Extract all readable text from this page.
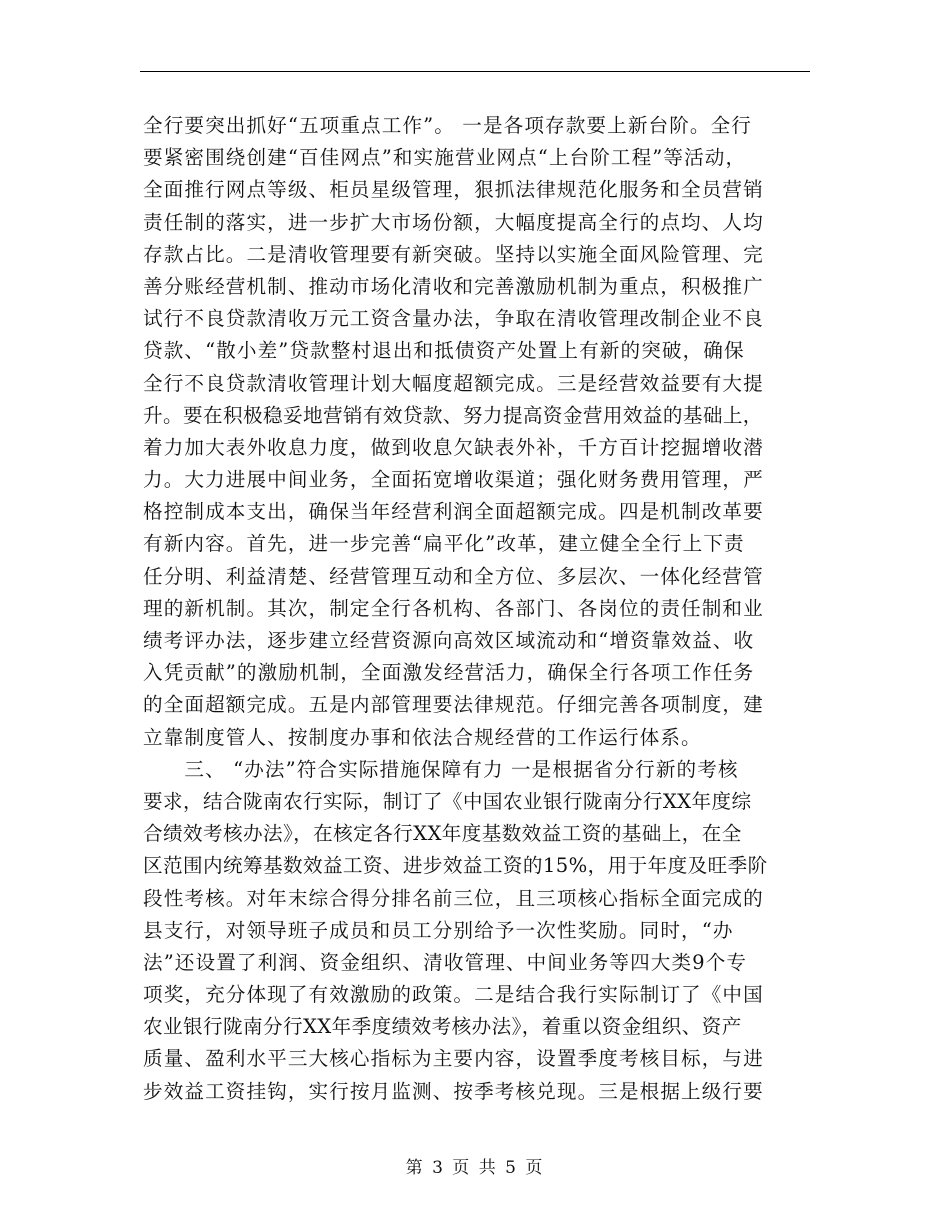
全行要突出抓好“五项重点工作”。 一是各项存款要上新台阶。全行
要紧密围绕创建“百佳网点”和实施营业网点“上台阶工程”等活动，
全面推行网点等级、柜员星级管理，狠抓法律规范化服务和全员营销
责任制的落实，进一步扩大市场份额，大幅度提高全行的点均、人均
存款占比。二是清收管理要有新突破。坚持以实施全面风险管理、完
善分账经营机制、推动市场化清收和完善激励机制为重点，积极推广
试行不良贷款清收万元工资含量办法，争取在清收管理改制企业不良
贷款、“散小差”贷款整村退出和抵债资产处置上有新的突破，确保
全行不良贷款清收管理计划大幅度超额完成。三是经营效益要有大提
升。要在积极稳妥地营销有效贷款、努力提高资金营用效益的基础上，
着力加大表外收息力度，做到收息欠缺表外补，千方百计挖掘增收潜
力。大力进展中间业务，全面拓宽增收渠道；强化财务费用管理，严
格控制成本支出，确保当年经营利润全面超额完成。四是机制改革要
有新内容。首先，进一步完善“扁平化”改革，建立健全全行上下责
任分明、利益清楚、经营管理互动和全方位、多层次、一体化经营管
理的新机制。其次，制定全行各机构、各部门、各岗位的责任制和业
绩考评办法，逐步建立经营资源向高效区域流动和“增资靠效益、收
入凭贡献”的激励机制，全面激发经营活力，确保全行各项工作任务
的全面超额完成。五是内部管理要法律规范。仔细完善各项制度，建
立靠制度管人、按制度办事和依法合规经营的工作运行体系。
　　三、 “办法”符合实际措施保障有力 一是根据省分行新的考核
要求，结合陇南农行实际，制订了《中国农业银行陇南分行XX年度综
合绩效考核办法》，在核定各行XX年度基数效益工资的基础上，在全
区范围内统筹基数效益工资、进步效益工资的15%，用于年度及旺季阶
段性考核。对年末综合得分排名前三位，且三项核心指标全面完成的
县支行，对领导班子成员和员工分别给予一次性奖励。同时，“办
法”还设置了利润、资金组织、清收管理、中间业务等四大类9个专
项奖，充分体现了有效激励的政策。二是结合我行实际制订了《中国
农业银行陇南分行XX年季度绩效考核办法》，着重以资金组织、资产
质量、盈利水平三大核心指标为主要内容，设置季度考核目标，与进
步效益工资挂钩，实行按月监测、按季考核兑现。三是根据上级行要
第 3 页 共 5 页
